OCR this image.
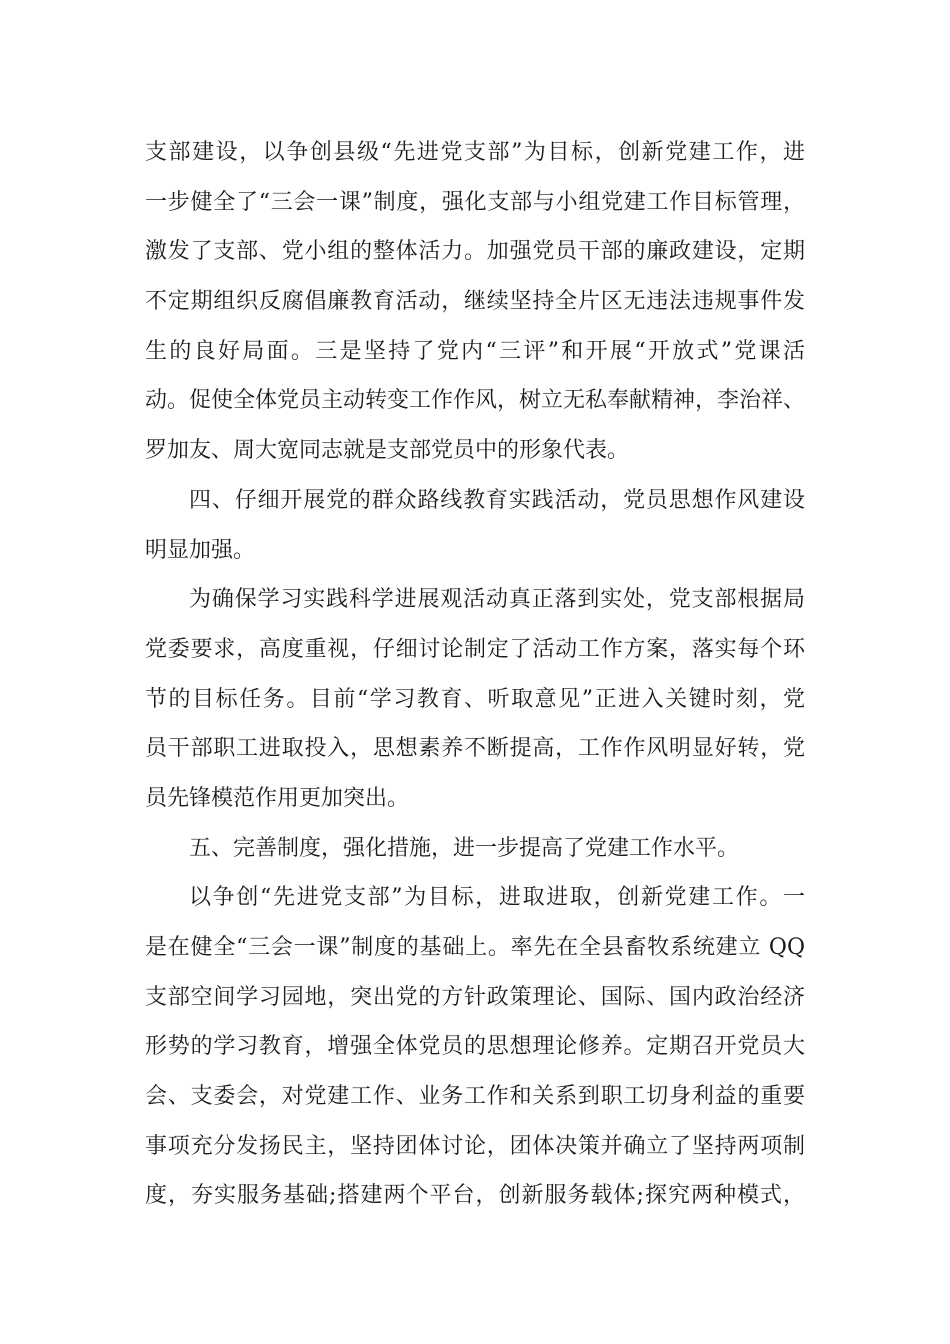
支部建设，以争创县级“先进党支部”为目标，创新党建工作，进
一步健全了“三会一课”制度，强化支部与小组党建工作目标管理，
激发了支部、党小组的整体活力。加强党员干部的廉政建设，定期
不定期组织反腐倡廉教育活动，继续坚持全片区无违法违规事件发
生的良好局面。三是坚持了党内“三评”和开展“开放式”党课活
动。促使全体党员主动转变工作作风，树立无私奉献精神，李治祥、
罗加友、周大宽同志就是支部党员中的形象代表。
四、仔细开展党的群众路线教育实践活动，党员思想作风建设
明显加强。
为确保学习实践科学进展观活动真正落到实处，党支部根据局
党委要求，高度重视，仔细讨论制定了活动工作方案，落实每个环
节的目标任务。目前“学习教育、听取意见”正进入关键时刻，党
员干部职工进取投入，思想素养不断提高，工作作风明显好转，党
员先锋模范作用更加突出。
五、完善制度，强化措施，进一步提高了党建工作水平。
以争创“先进党支部”为目标，进取进取，创新党建工作。一
是在健全“三会一课”制度的基础上。率先在全县畜牧系统建立 QQ
支部空间学习园地，突出党的方针政策理论、国际、国内政治经济
形势的学习教育，增强全体党员的思想理论修养。定期召开党员大
会、支委会，对党建工作、业务工作和关系到职工切身利益的重要
事项充分发扬民主，坚持团体讨论，团体决策并确立了坚持两项制
度，夯实服务基础;搭建两个平台，创新服务载体;探究两种模式，
